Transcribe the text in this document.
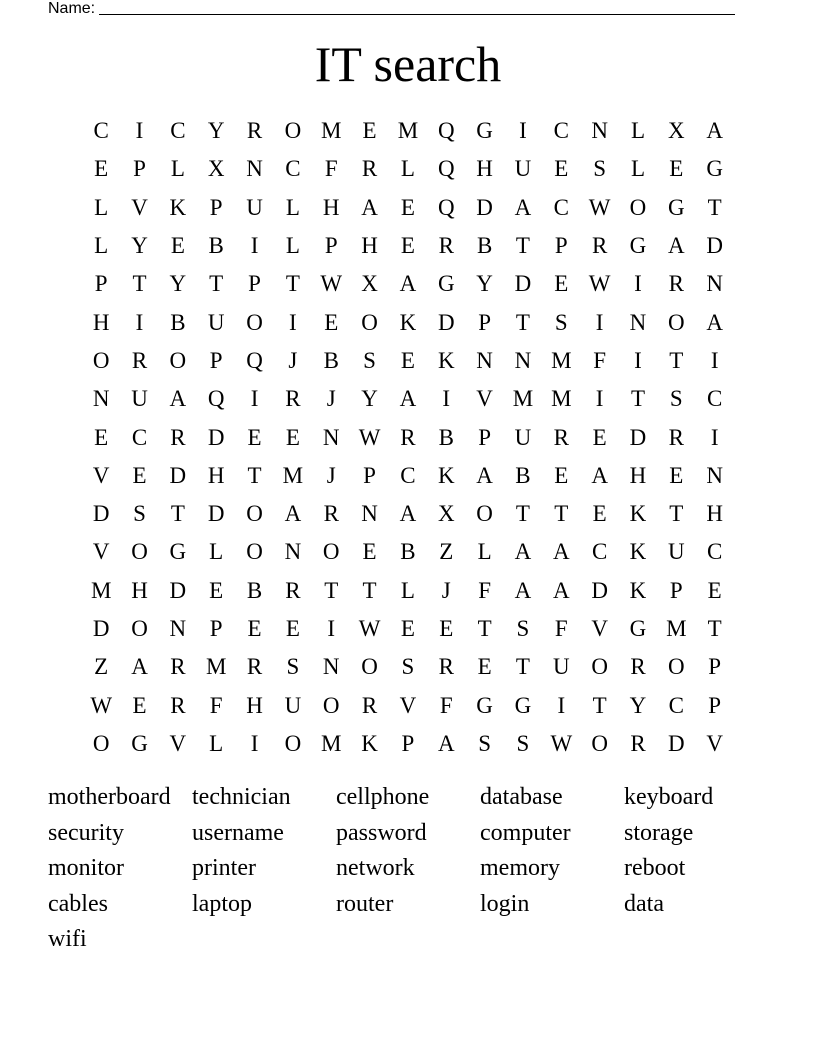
Name:
IT search
C	I	C Y R O M E M Q G	I	C N	L	X A
E	P	L	X N C	F	R	L	Q H U	E	S	L	E	G
L	V K	P	U	L	H A	E	Q D A C W O G	T
L	Y	E	B	I	L	P	H	E	R	B	T	P	R G A D
P	T	Y	T	P	T W X A G Y D	E W	I	R N
H	I	B U O	I	E	O K D	P	T	S	I	N O A
O R O	P	Q	J	B	S	E	K N N M F	I	T	I
N U A Q	I	R	J	Y A	I	V M M	I	T	S	C
E	C	R D	E	E	N W R	B	P	U R	E	D R	I
V	E	D H	T M	J	P	C K A B	E	A H	E	N
D	S	T	D O A R N A X O	T	T	E	K	T	H
V O G	L	O N O	E	B	Z	L	A A C K U C
M H D	E	B	R	T	T	L	J	F	A A D K	P	E
D O N	P	E	E	I	W E	E	T	S	F	V G M T
Z	A R M R	S	N O	S	R	E	T	U O R O	P
W E	R	F	H U O R V	F	G G	I	T	Y C	P
O G V	L	I	O M K	P	A	S	S W O R D V
motherboard technician	cellphone	database	keyboard
security	username	password	computer	storage
monitor	printer	network	memory	reboot
cables	laptop	router	login	data
wifi
